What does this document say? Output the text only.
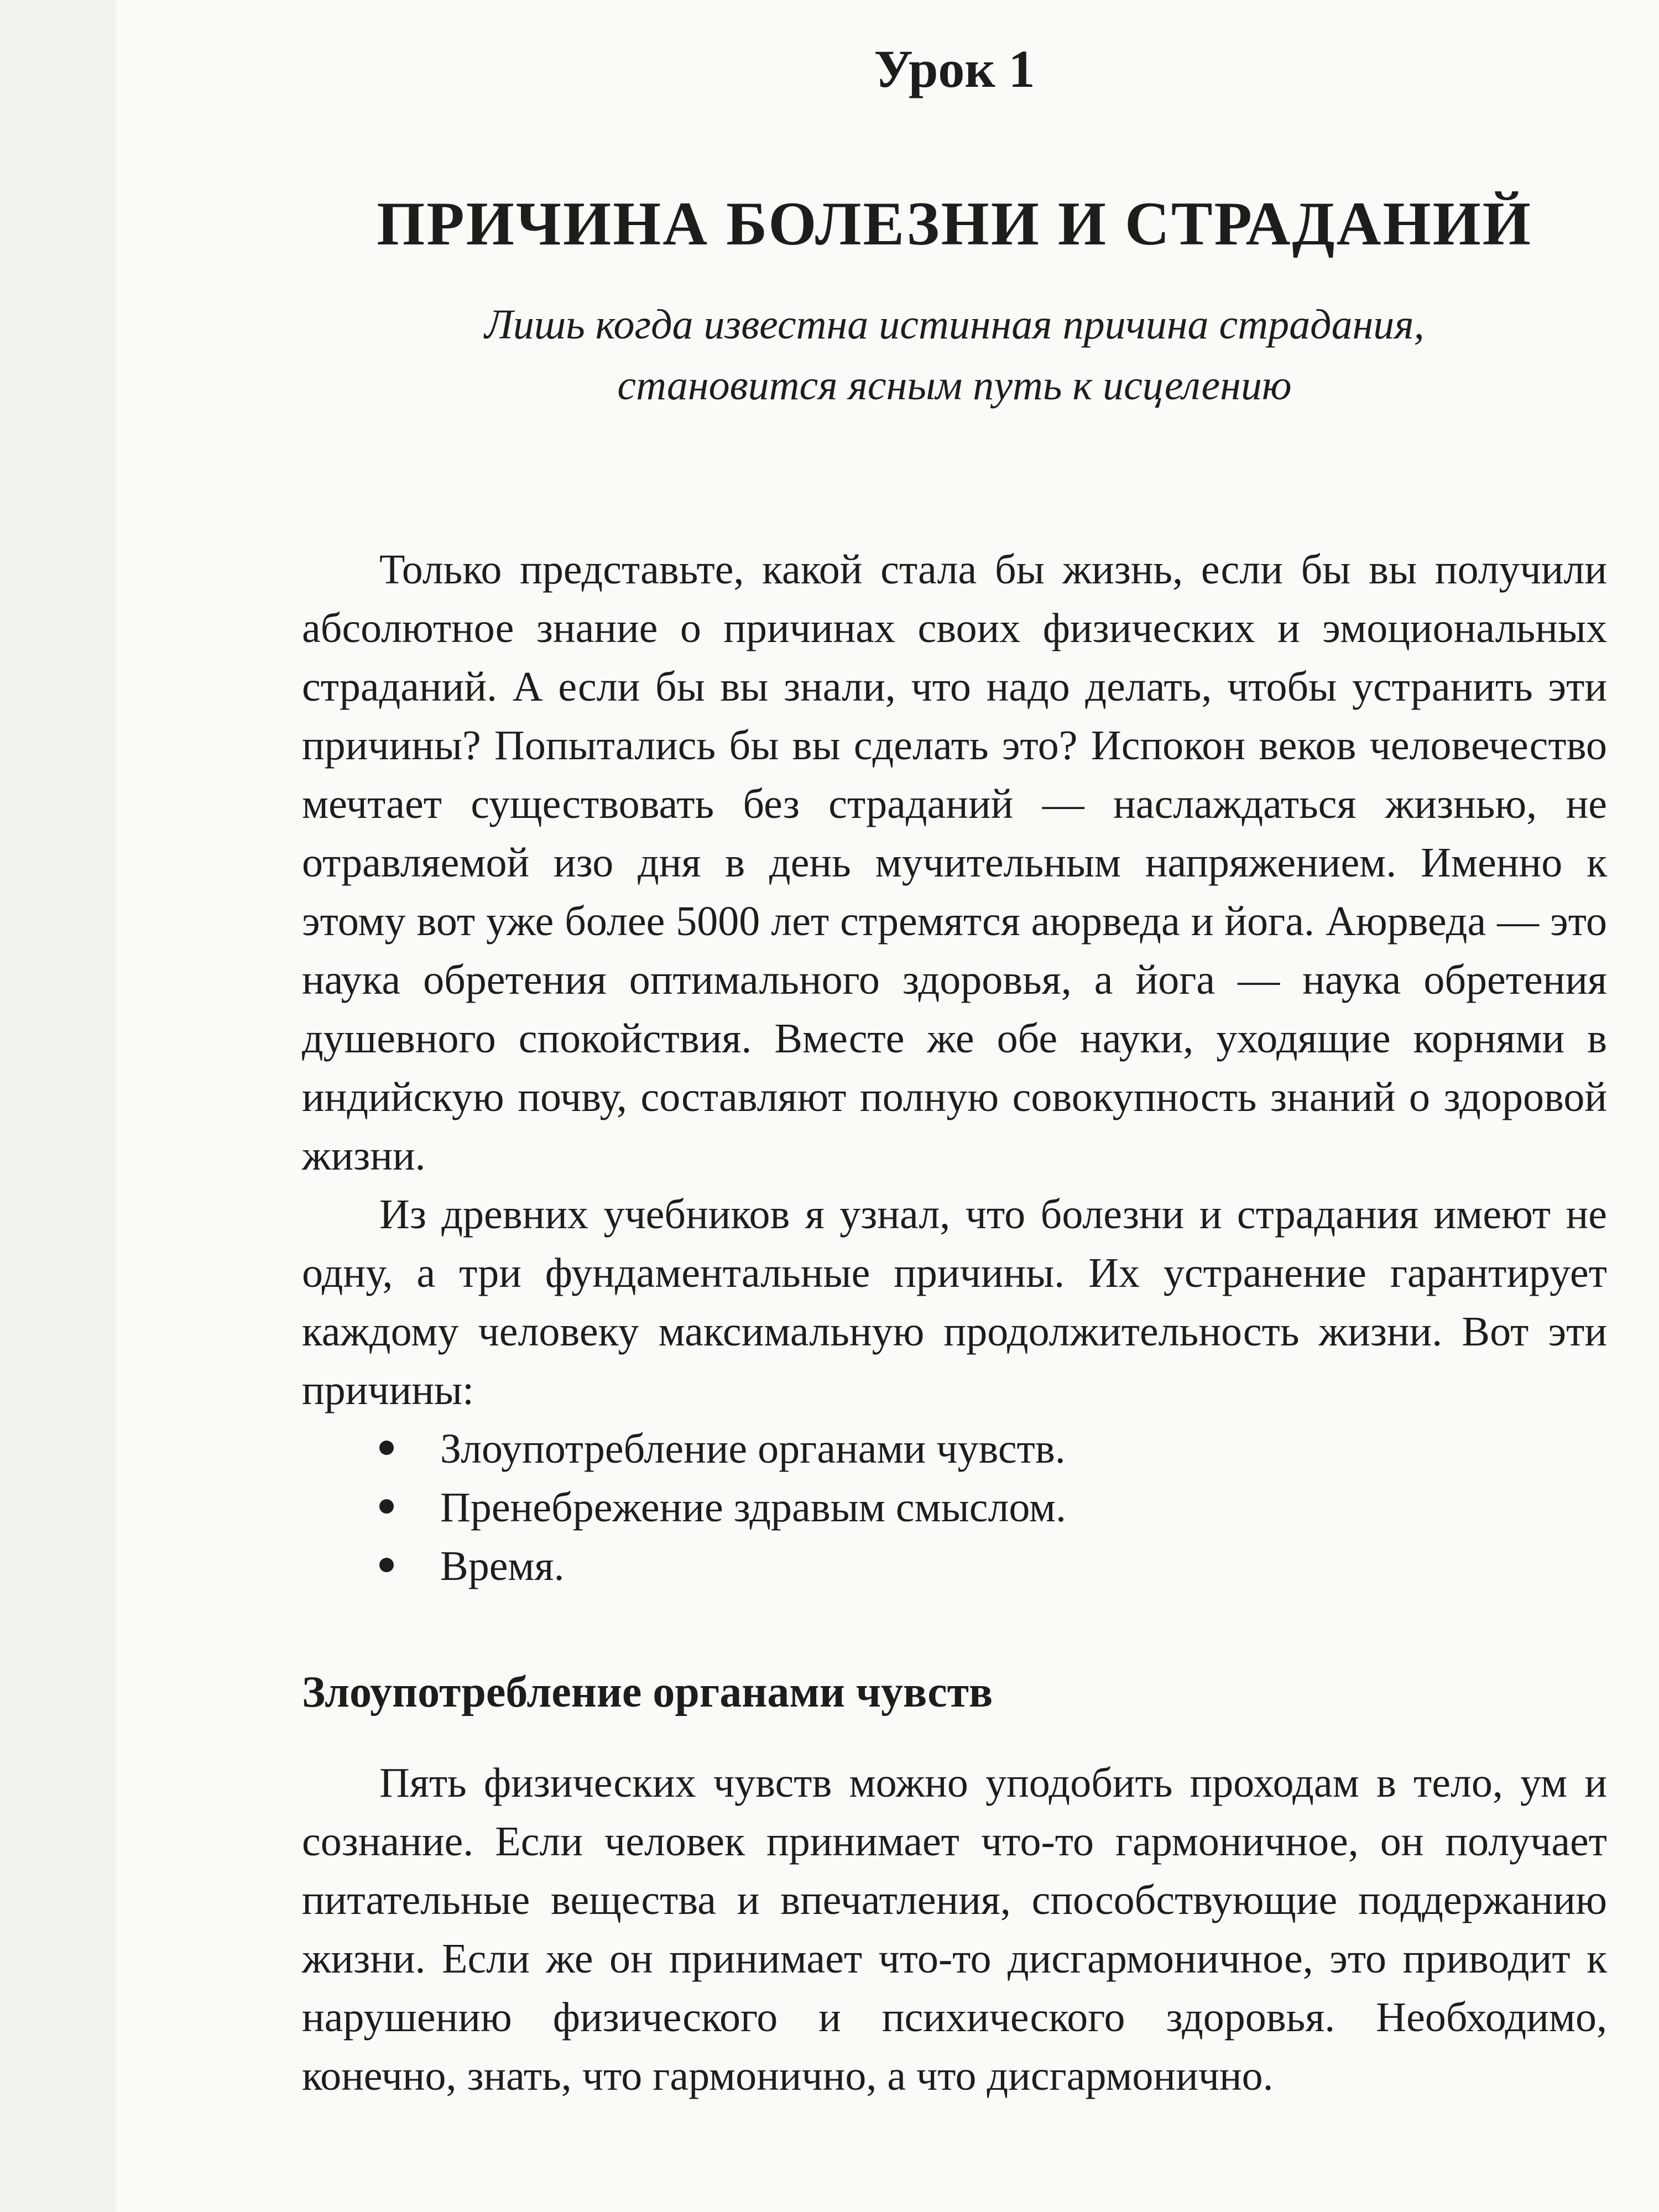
Урок 1
ПРИЧИНА БОЛЕЗНИ И СТРАДАНИЙ
Лишь когда известна истинная причина страдания,
становится ясным путь к исцелению

Только представьте, какой стала бы жизнь, если бы вы получили абсолютное знание о причинах своих физических и эмоциональных страданий. А если бы вы знали, что надо делать, чтобы устранить эти причины? Попытались бы вы сделать это? Испокон веков человечество мечтает существовать без страданий — наслаждаться жизнью, не отравляемой изо дня в день мучительным напряжением. Именно к этому вот уже более 5000 лет стремятся аюрведа и йога. Аюрведа — это наука обретения оптимального здоровья, а йога — наука обретения душевного спокойствия. Вместе же обе науки, уходящие корнями в индийскую почву, составляют полную совокупность знаний о здоровой жизни.

Из древних учебников я узнал, что болезни и страдания имеют не одну, а три фундаментальные причины. Их устранение гарантирует каждому человеку максимальную продолжительность жизни. Вот эти причины:

Злоупотребление органами чувств.
Пренебрежение здравым смыслом.
Время.
Злоупотребление органами чувств

Пять физических чувств можно уподобить проходам в тело, ум и сознание. Если человек принимает что-то гармоничное, он получает питательные вещества и впечатления, способствующие поддержанию жизни. Если же он принимает что-то дисгармоничное, это приводит к нарушению физического и психического здоровья. Необходимо, конечно, знать, что гармонично, а что дисгармонично.
